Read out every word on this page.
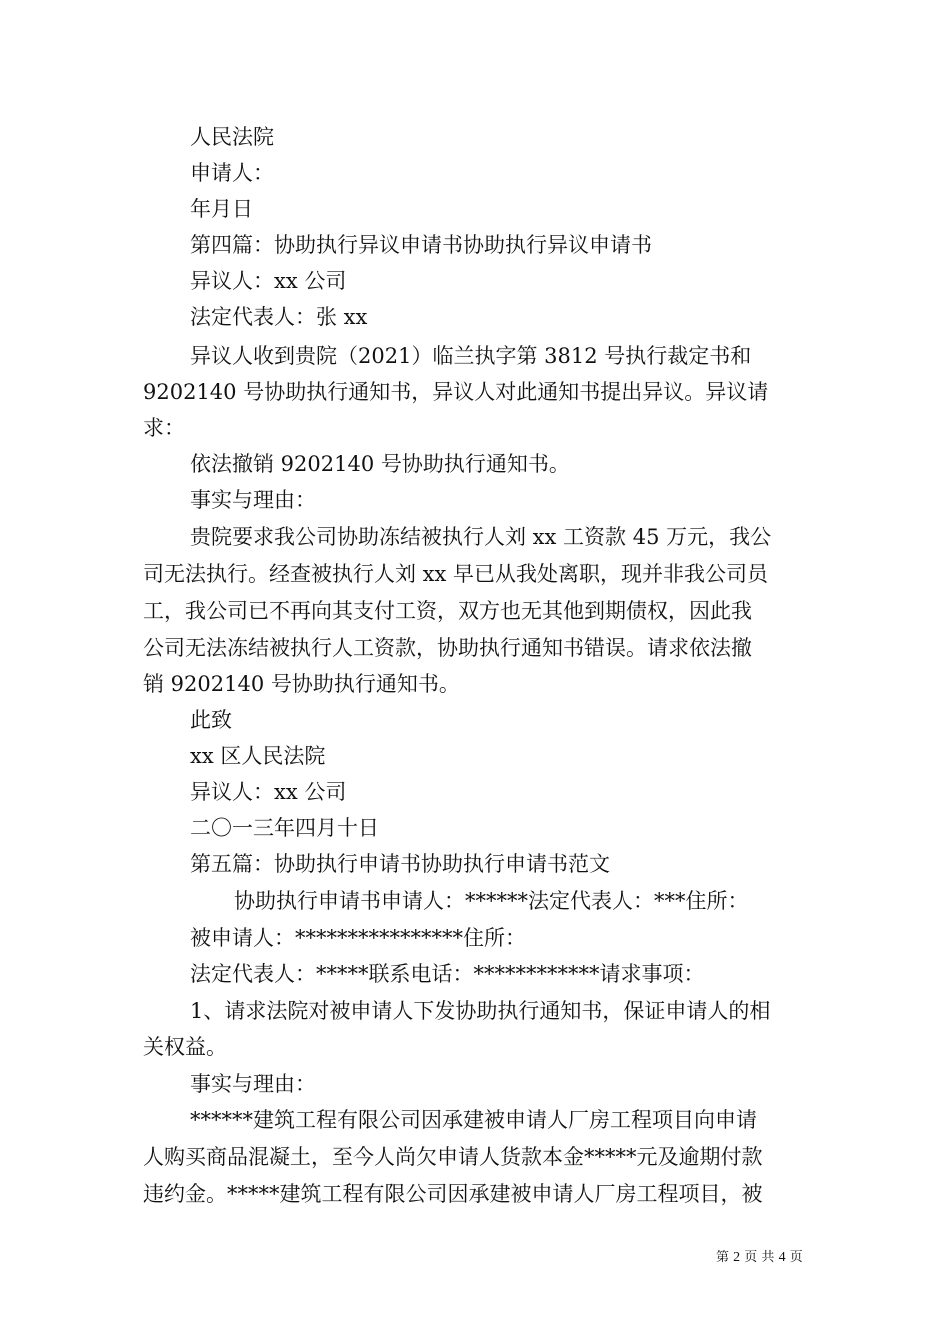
人民法院
申请人：
年月日
第四篇：协助执行异议申请书协助执行异议申请书
异议人：xx 公司
法定代表人：张 xx
异议人收到贵院（2021）临兰执字第 3812 号执行裁定书和
9202140 号协助执行通知书，异议人对此通知书提出异议。异议请
求：
依法撤销 9202140 号协助执行通知书。
事实与理由：
贵院要求我公司协助冻结被执行人刘 xx 工资款 45 万元，我公
司无法执行。经查被执行人刘 xx 早已从我处离职，现并非我公司员
工，我公司已不再向其支付工资，双方也无其他到期债权，因此我
公司无法冻结被执行人工资款，协助执行通知书错误。请求依法撤
销 9202140 号协助执行通知书。
此致
xx 区人民法院
异议人：xx 公司
二〇一三年四月十日
第五篇：协助执行申请书协助执行申请书范文
协助执行申请书申请人：******法定代表人：***住所：
被申请人：****************住所：
法定代表人：*****联系电话：************请求事项：
1、请求法院对被申请人下发协助执行通知书，保证申请人的相
关权益。
事实与理由：
******建筑工程有限公司因承建被申请人厂房工程项目向申请
人购买商品混凝土，至今人尚欠申请人货款本金*****元及逾期付款
违约金。*****建筑工程有限公司因承建被申请人厂房工程项目，被
第 2 页 共 4 页
